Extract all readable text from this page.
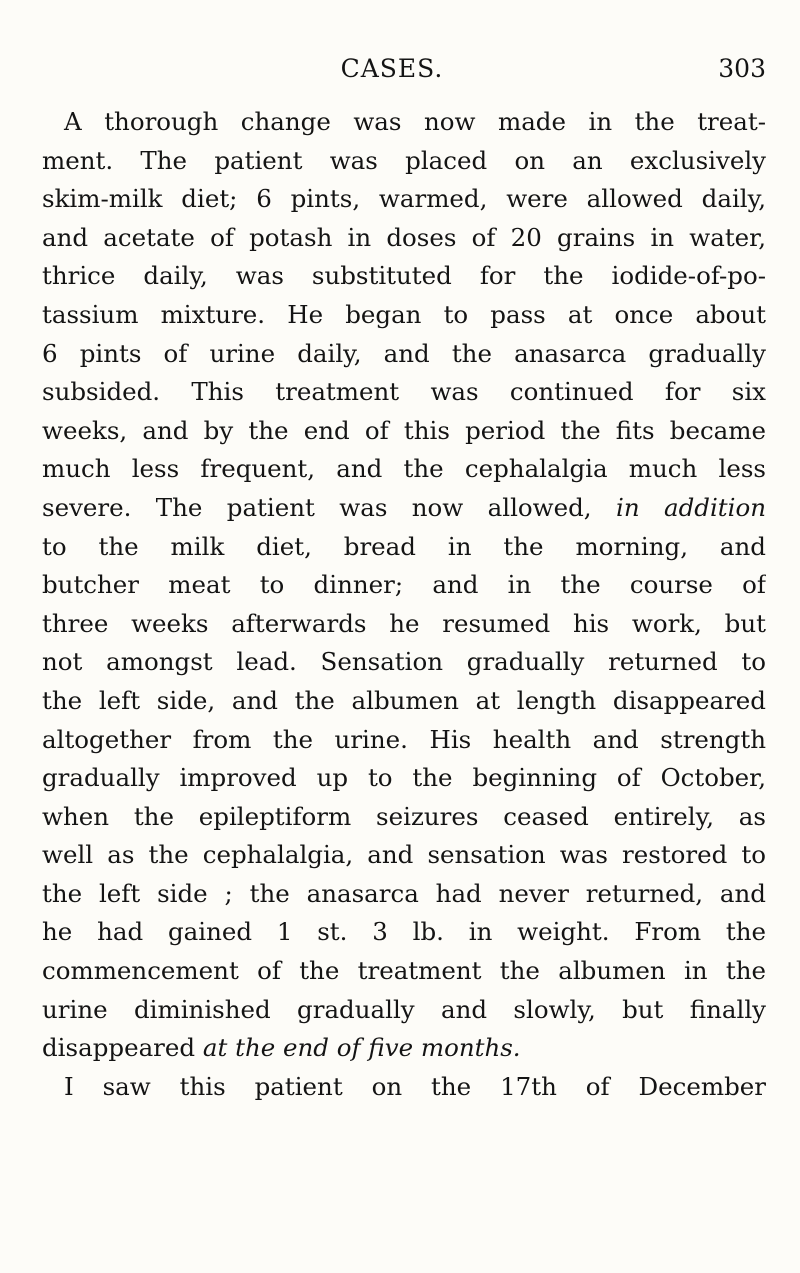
CASES.	303
A thorough change was now made in the treat-
ment. The patient was placed on an exclusively
skim-milk diet; 6 pints, warmed, were allowed daily,
and acetate of potash in doses of 20 grains in water,
thrice daily, was substituted for the iodide-of-po-
tassium mixture. He began to pass at once about
6 pints of urine daily, and the anasarca gradually
subsided. This treatment was continued for six
weeks, and by the end of this period the fits became
much less frequent, and the cephalalgia much less
severe. The patient was now allowed, in addition
to the milk diet, bread in the morning, and
butcher meat to dinner; and in the course of
three weeks afterwards he resumed his work, but
not amongst lead. Sensation gradually returned to
the left side, and the albumen at length disappeared
altogether from the urine. His health and strength
gradually improved up to the beginning of October,
when the epileptiform seizures ceased entirely, as
well as the cephalalgia, and sensation was restored to
the left side ; the anasarca had never returned, and
he had gained 1 st. 3 lb. in weight. From the
commencement of the treatment the albumen in the
urine diminished gradually and slowly, but finally
disappeared at the end of five months.
I saw this patient on the 17th of December
